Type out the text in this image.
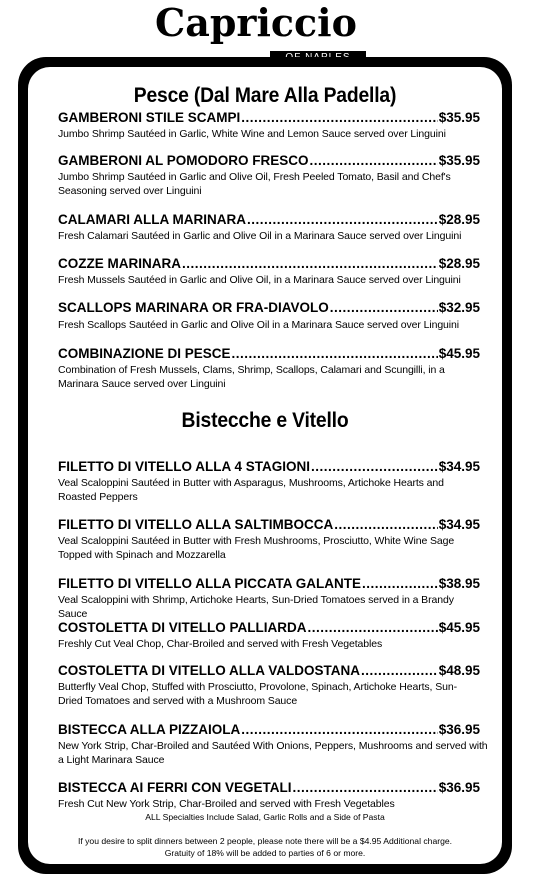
Capriccio
Pesce (Dal Mare Alla Padella)
GAMBERONI STILE SCAMPI .....	$35.95
Jumbo Shrimp Sautéed in Garlic, White Wine and Lemon Sauce served over Linguini
GAMBERONI AL POMODORO FRESCO .....	$35.95
Jumbo Shrimp Sautéed in Garlic and Olive Oil, Fresh Peeled Tomato, Basil and Chef's Seasoning served over Linguini
CALAMARI ALLA MARINARA .....	$28.95
Fresh Calamari Sautéed in Garlic and Olive Oil in a Marinara Sauce served over Linguini
COZZE MARINARA .....	$28.95
Fresh Mussels Sautéed in Garlic and Olive Oil, in a Marinara Sauce served over Linguini
SCALLOPS MARINARA OR FRA-DIAVOLO .....	$32.95
Fresh Scallops Sautéed in Garlic and Olive Oil in a Marinara Sauce served over Linguini
COMBINAZIONE DI PESCE .....	$45.95
Combination of Fresh Mussels, Clams, Shrimp, Scallops, Calamari and Scungilli, in a Marinara Sauce served over Linguini
Bistecche e Vitello
FILETTO DI VITELLO ALLA 4 STAGIONI .....	$34.95
Veal Scaloppini Sautéed in Butter with Asparagus, Mushrooms, Artichoke Hearts and Roasted Peppers
FILETTO DI VITELLO ALLA SALTIMBOCCA .....	$34.95
Veal Scaloppini Sautéed in Butter with Fresh Mushrooms, Prosciutto, White Wine Sage Topped with Spinach and Mozzarella
FILETTO DI VITELLO ALLA PICCATA GALANTE .....	$38.95
Veal Scaloppini with Shrimp, Artichoke Hearts, Sun-Dried Tomatoes served in a Brandy Sauce
COSTOLETTA DI VITELLO PALLIARDA .....	$45.95
Freshly Cut Veal Chop, Char-Broiled and served with Fresh Vegetables
COSTOLETTA DI VITELLO ALLA VALDOSTANA .....	$48.95
Butterfly Veal Chop, Stuffed with Prosciutto, Provolone, Spinach, Artichoke Hearts, Sun-Dried Tomatoes and served with a Mushroom Sauce
BISTECCA ALLA PIZZAIOLA .....	$36.95
New York Strip, Char-Broiled and Sautéed With Onions, Peppers, Mushrooms and served with a Light Marinara Sauce
BISTECCA AI FERRI CON VEGETALI .....	$36.95
Fresh Cut New York Strip, Char-Broiled and served with Fresh Vegetables
ALL Specialties Include Salad, Garlic Rolls and a Side of Pasta
If you desire to split dinners between 2 people, please note there will be a $4.95 Additional charge.
Gratuity of 18% will be added to parties of 6 or more.
